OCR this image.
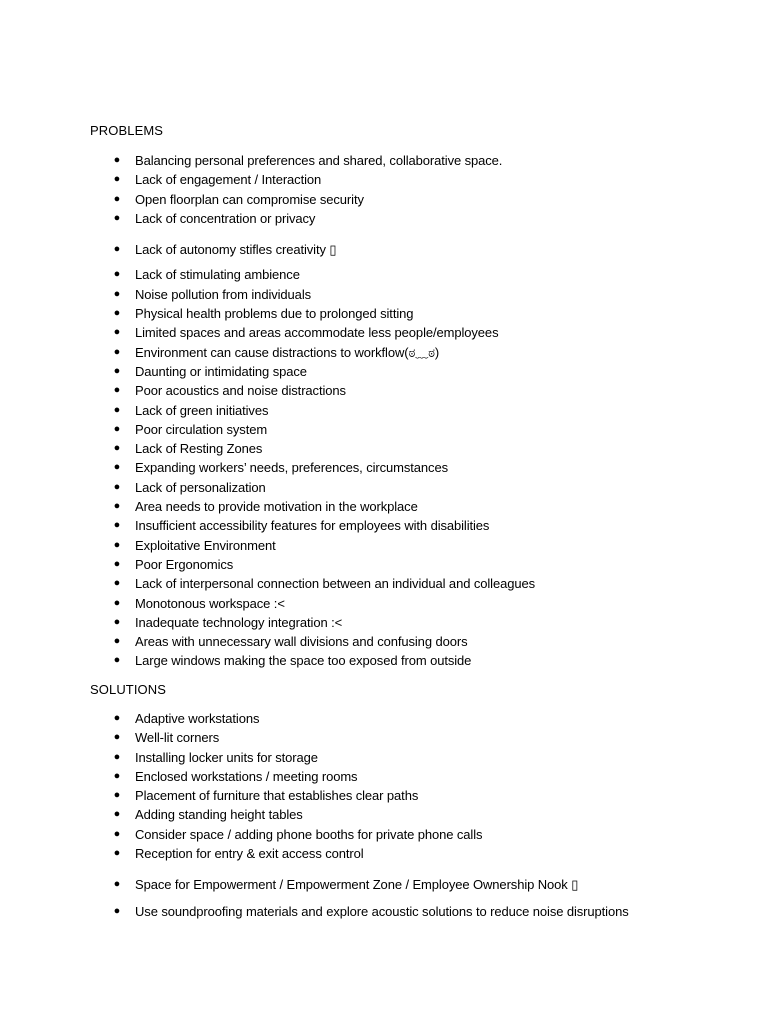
PROBLEMS
● Balancing personal preferences and shared, collaborative space.
● Lack of engagement / Interaction
● Open floorplan can compromise security
● Lack of concentration or privacy
● Lack of autonomy stifles creativity ▯
● Lack of stimulating ambience
● Noise pollution from individuals
● Physical health problems due to prolonged sitting
● Limited spaces and areas accommodate less people/employees
● Environment can cause distractions to workflow(ಠ﹏ಠ)
● Daunting or intimidating space
● Poor acoustics and noise distractions
● Lack of green initiatives
● Poor circulation system
● Lack of Resting Zones
● Expanding workers’ needs, preferences, circumstances
● Lack of personalization
● Area needs to provide motivation in the workplace
● Insufficient accessibility features for employees with disabilities
● Exploitative Environment
● Poor Ergonomics
● Lack of interpersonal connection between an individual and colleagues
● Monotonous workspace :<
● Inadequate technology integration :<
● Areas with unnecessary wall divisions and confusing doors
● Large windows making the space too exposed from outside
SOLUTIONS
● Adaptive workstations
● Well-lit corners
● Installing locker units for storage
● Enclosed workstations / meeting rooms
● Placement of furniture that establishes clear paths
● Adding standing height tables
● Consider space / adding phone booths for private phone calls
● Reception for entry & exit access control
● Space for Empowerment / Empowerment Zone / Employee Ownership Nook ▯
● Use soundproofing materials and explore acoustic solutions to reduce noise disruptions
